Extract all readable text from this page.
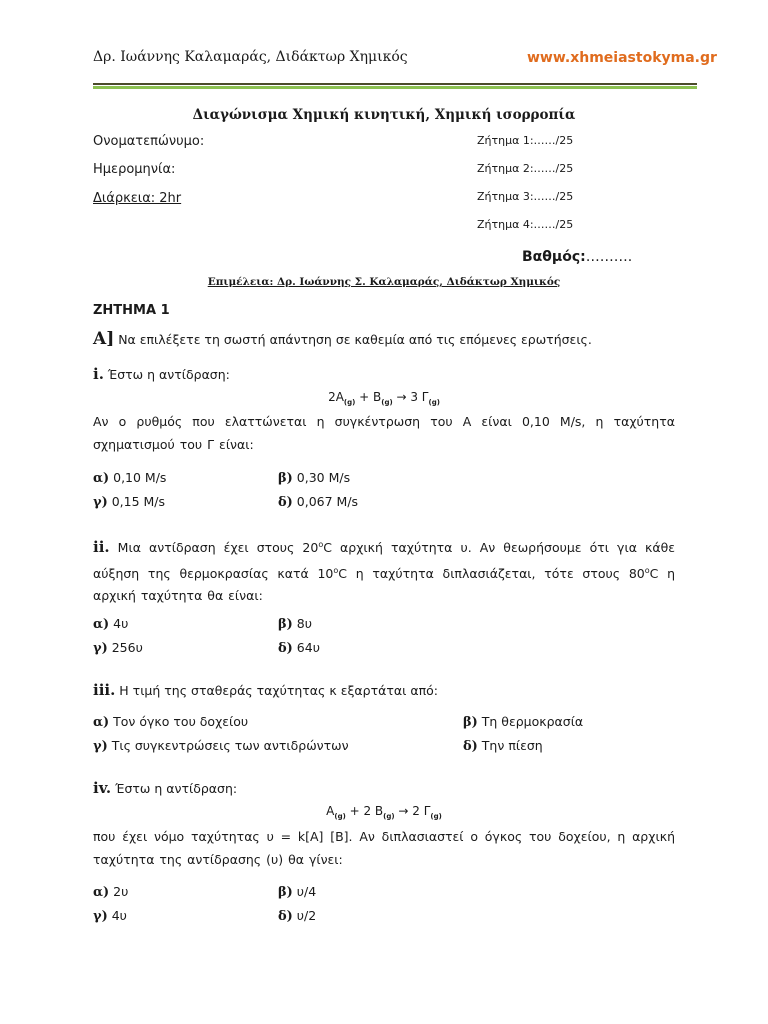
Δρ. Ιωάννης Καλαμαράς, Διδάκτωρ Χημικός	www.xhmeiastokyma.gr
Διαγώνισμα Χημική κινητική, Χημική ισορροπία
Ονοματεπώνυμο:
Ημερομηνία:
Διάρκεια: 2hr
Ζήτημα 1:……/25
Ζήτημα 2:……/25
Ζήτημα 3:……/25
Ζήτημα 4:……/25
Βαθμός:……….
Επιμέλεια: Δρ. Ιωάννης Σ. Καλαμαράς, Διδάκτωρ Χημικός
ΖΗΤΗΜΑ 1
Α] Να επιλέξετε τη σωστή απάντηση σε καθεμία από τις επόμενες ερωτήσεις.
i. Έστω η αντίδραση:
$2A_{(g)} + B_{(g)} \to 3$ $\Gamma_{(g)}$
Αν ο ρυθμός που ελαττώνεται η συγκέντρωση του Α είναι 0,10 M/s, η ταχύτητα σχηματισμού του Γ είναι:
α) 0,10 M/s	β) 0,30 M/s
γ) 0,15 M/s	δ) 0,067 M/s
ii. Μια αντίδραση έχει στους $20^oC$ αρχική ταχύτητα υ. Αν θεωρήσουμε ότι για κάθε αύξηση της θερμοκρασίας κατά $10^oC$ η ταχύτητα διπλασιάζεται, τότε στους $80^oC$ η αρχική ταχύτητα θα είναι:
α) 4υ	β) 8υ
γ) 256υ	δ) 64υ
iii. Η τιμή της σταθεράς ταχύτητας κ εξαρτάται από:
α) Τον όγκο του δοχείου	β) Τη θερμοκρασία
γ) Τις συγκεντρώσεις των αντιδρώντων	δ) Την πίεση
iv. Έστω η αντίδραση:
$A_{(g)} + 2$ $B_{(g)} \to 2$ $\Gamma_{(g)}$
που έχει νόμο ταχύτητας υ = k[A] [B]. Αν διπλασιαστεί ο όγκος του δοχείου, η αρχική ταχύτητα της αντίδρασης (υ) θα γίνει:
α) 2υ	β) υ/4
γ) 4υ	δ) υ/2
